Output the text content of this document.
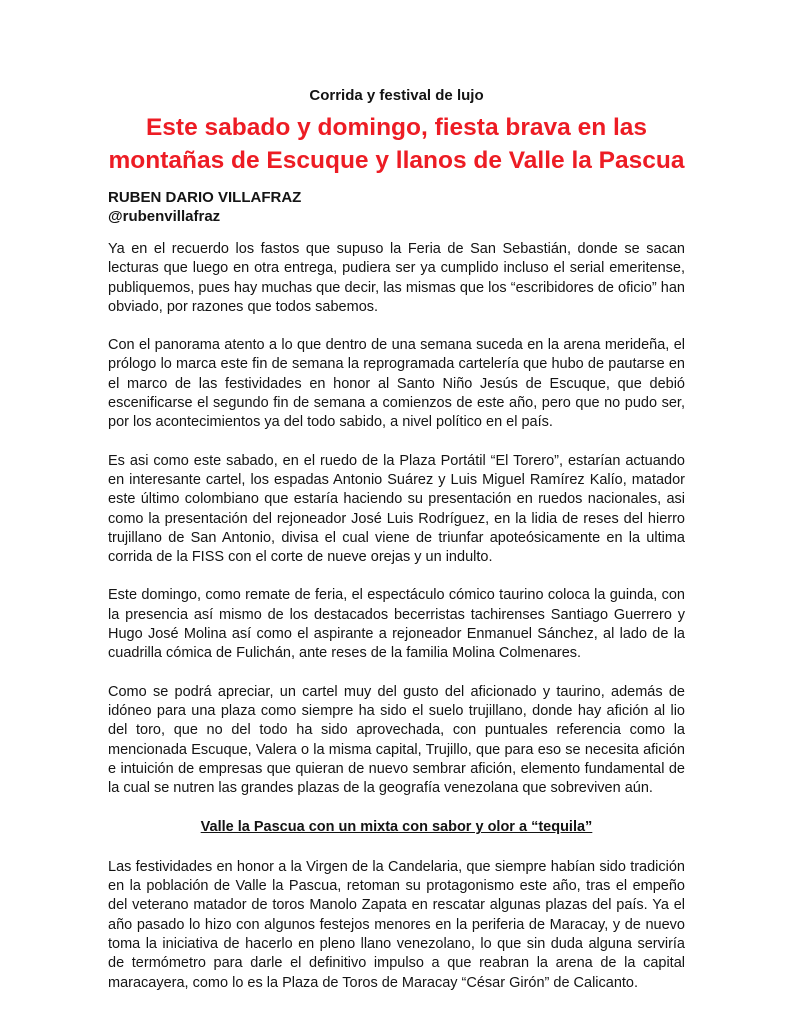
Corrida y festival de lujo

Este sabado y domingo, fiesta brava en las montañas de Escuque y llanos de Valle la Pascua

RUBEN DARIO VILLAFRAZ

@rubenvillafraz

Ya en el recuerdo los fastos que supuso la Feria de San Sebastián, donde se sacan lecturas que luego en otra entrega, pudiera ser ya cumplido incluso el serial emeritense, publiquemos, pues hay muchas que decir, las mismas que los “escribidores de oficio” han obviado, por razones que todos sabemos.

Con el panorama atento a lo que dentro de una semana suceda en la arena merideña, el prólogo lo marca este fin de semana la reprogramada cartelería que hubo de pautarse en el marco de las festividades en honor al Santo Niño Jesús de Escuque, que debió escenificarse el segundo fin de semana a comienzos de este año, pero que no pudo ser, por los acontecimientos ya del todo sabido, a nivel político en el país.

Es asi como este sabado, en el ruedo de la Plaza Portátil “El Torero”, estarían actuando en interesante cartel, los espadas Antonio Suárez y Luis Miguel Ramírez Kalío, matador este último colombiano que estaría haciendo su presentación en ruedos nacionales, asi como la presentación del rejoneador José Luis Rodríguez, en la lidia de reses del hierro trujillano de San Antonio, divisa el cual viene de triunfar apoteósicamente en la ultima corrida de la FISS con el corte de nueve orejas y un indulto.

Este domingo, como remate de feria, el espectáculo cómico taurino coloca la guinda, con la presencia así mismo de los destacados becerristas tachirenses Santiago Guerrero y Hugo José Molina así como el aspirante a rejoneador Enmanuel Sánchez, al lado de la cuadrilla cómica de Fulichán, ante reses de la familia Molina Colmenares.

Como se podrá apreciar, un cartel muy del gusto del aficionado y taurino, además de idóneo para una plaza como siempre ha sido el suelo trujillano, donde hay afición al lio del toro, que no del todo ha sido aprovechada, con puntuales referencia como la mencionada Escuque, Valera o la misma capital, Trujillo, que para eso se necesita afición e intuición de empresas que quieran de nuevo sembrar afición, elemento fundamental de la cual se nutren las grandes plazas de la geografía venezolana que sobreviven aún.

Valle la Pascua con un mixta con sabor y olor a “tequila”

Las festividades en honor a la Virgen de la Candelaria, que siempre habían sido tradición en la población de Valle la Pascua, retoman su protagonismo este año, tras el empeño del veterano matador de toros Manolo Zapata en rescatar algunas plazas del país. Ya el año pasado lo hizo con algunos festejos menores en la periferia de Maracay, y de nuevo toma la iniciativa de hacerlo en pleno llano venezolano, lo que sin duda alguna serviría de termómetro para darle el definitivo impulso a que reabran la arena de la capital maracayera, como lo es la Plaza de Toros de Maracay “César Girón” de Calicanto.
